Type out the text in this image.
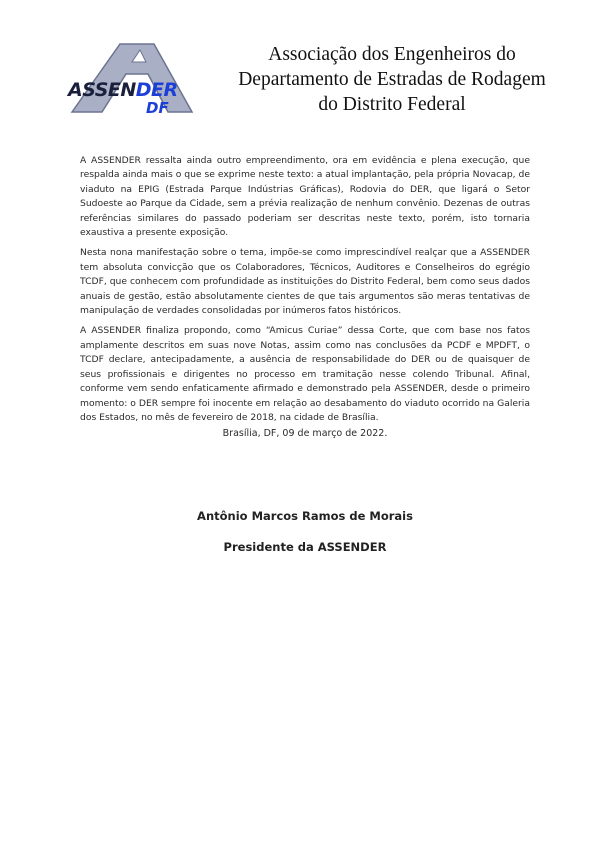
ASSENDER
DF
Associação dos Engenheiros do
Departamento de Estradas de Rodagem
do Distrito Federal

A ASSENDER ressalta ainda outro empreendimento, ora em evidência e plena execução, que respalda ainda mais o que se exprime neste texto: a atual implantação, pela própria Novacap, de viaduto na EPIG (Estrada Parque Indústrias Gráficas), Rodovia do DER, que ligará o Setor Sudoeste ao Parque da Cidade, sem a prévia realização de nenhum convênio. Dezenas de outras referências similares do passado poderiam ser descritas neste texto, porém, isto tornaria exaustiva a presente exposição.

Nesta nona manifestação sobre o tema, impõe-se como imprescindível realçar que a ASSENDER tem absoluta convicção que os Colaboradores, Técnicos, Auditores e Conselheiros do egrégio TCDF, que conhecem com profundidade as instituições do Distrito Federal, bem como seus dados anuais de gestão, estão absolutamente cientes de que tais argumentos são meras tentativas de manipulação de verdades consolidadas por inúmeros fatos históricos.

A ASSENDER finaliza propondo, como “Amicus Curiae” dessa Corte, que com base nos fatos amplamente descritos em suas nove Notas, assim como nas conclusões da PCDF e MPDFT, o TCDF declare, antecipadamente, a ausência de responsabilidade do DER ou de quaisquer de seus profissionais e dirigentes no processo em tramitação nesse colendo Tribunal. Afinal, conforme vem sendo enfaticamente afirmado e demonstrado pela ASSENDER, desde o primeiro momento: o DER sempre foi inocente em relação ao desabamento do viaduto ocorrido na Galeria dos Estados, no mês de fevereiro de 2018, na cidade de Brasília.

Brasília, DF, 09 de março de 2022.
Antônio Marcos Ramos de Morais
Presidente da ASSENDER
